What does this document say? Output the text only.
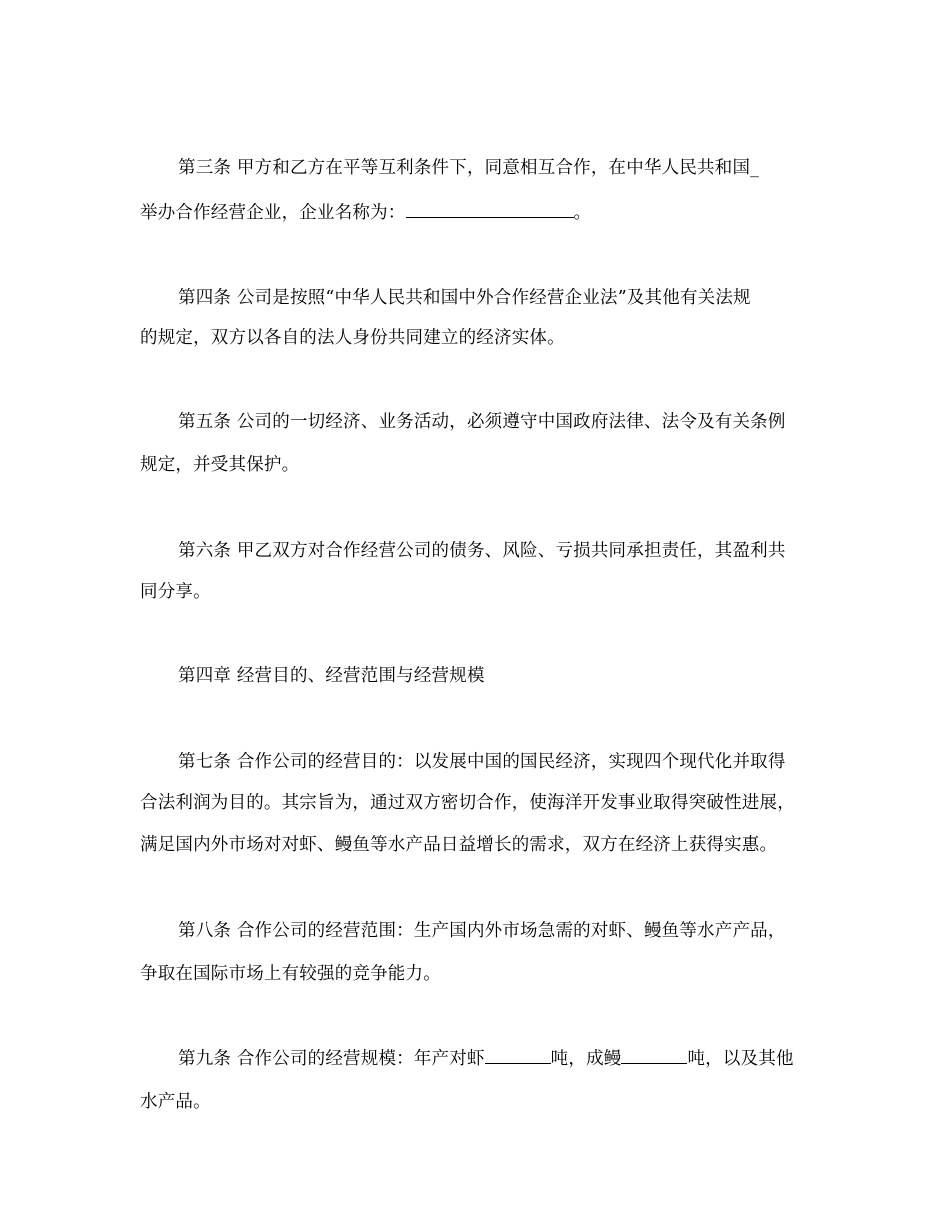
第三条 甲方和乙方在平等互利条件下，同意相互合作，在中华人民共和国_
举办合作经营企业，企业名称为：	。
第四条 公司是按照“中华人民共和国中外合作经营企业法”及其他有关法规
的规定，双方以各自的法人身份共同建立的经济实体。
第五条 公司的一切经济、业务活动，必须遵守中国政府法律、法令及有关条例
规定，并受其保护。
第六条 甲乙双方对合作经营公司的债务、风险、亏损共同承担责任，其盈利共
同分享。
第四章 经营目的、经营范围与经营规模
第七条 合作公司的经营目的：以发展中国的国民经济，实现四个现代化并取得
合法利润为目的。其宗旨为，通过双方密切合作，使海洋开发事业取得突破性进展，
满足国内外市场对对虾、鳗鱼等水产品日益增长的需求，双方在经济上获得实惠。
第八条 合作公司的经营范围：生产国内外市场急需的对虾、鳗鱼等水产产品，
争取在国际市场上有较强的竞争能力。
第九条 合作公司的经营规模：年产对虾	吨，成鳗	吨，以及其他
水产品。
